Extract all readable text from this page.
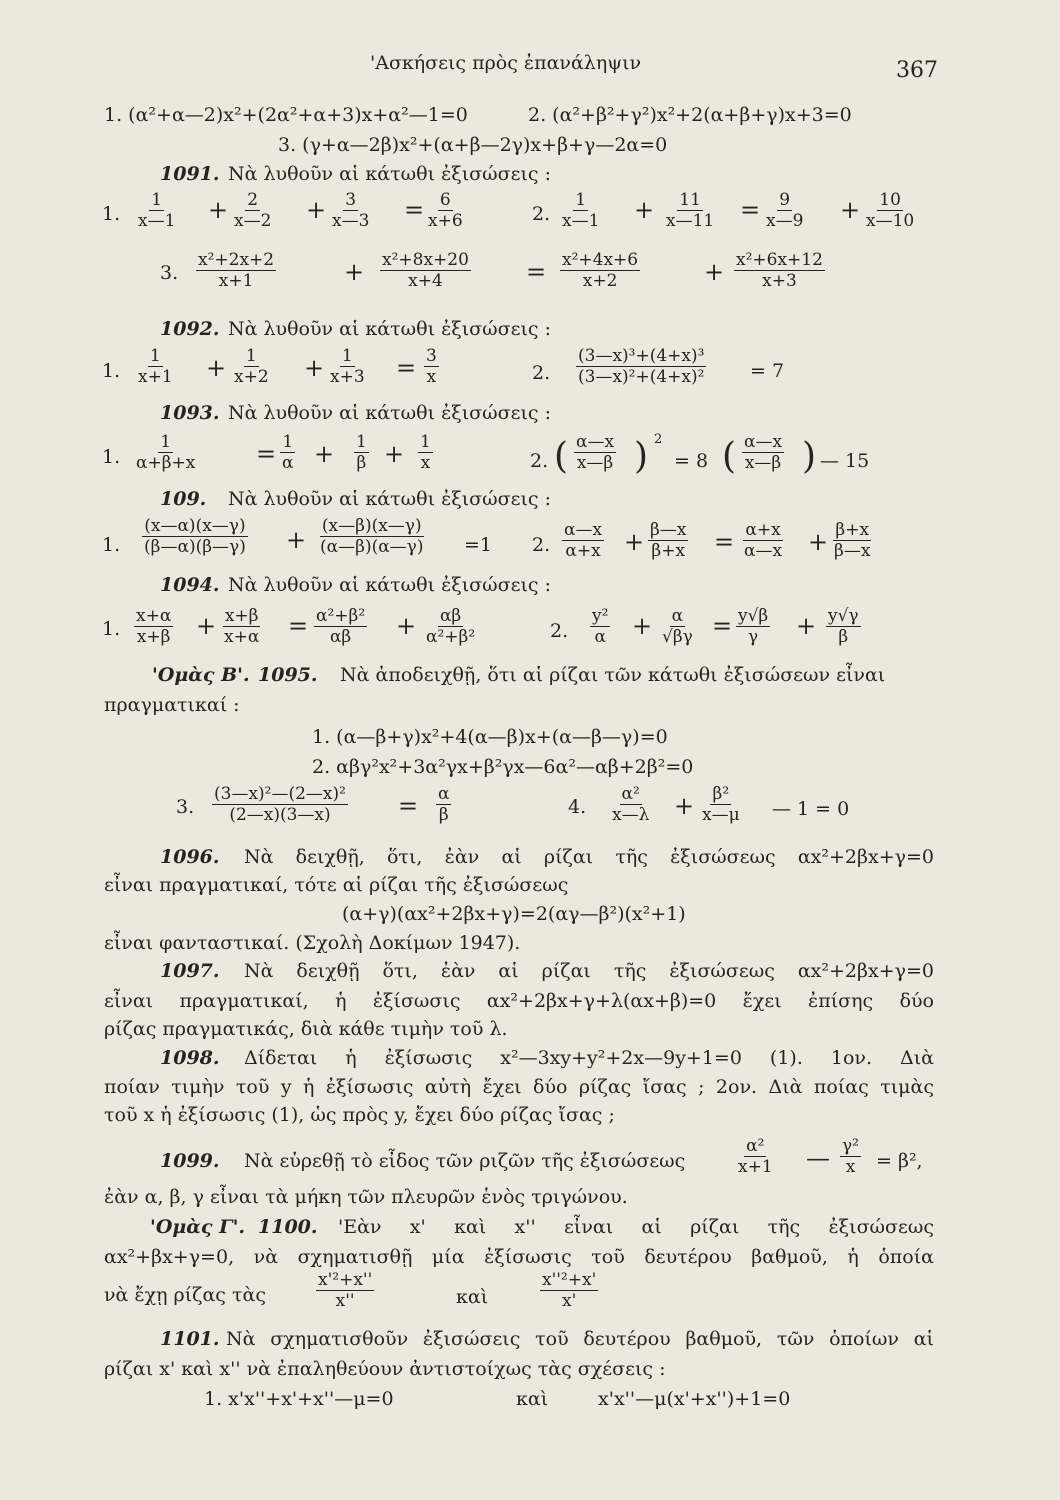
'Ασκήσεις πρὸς ἐπανάληψιν	367
1. (α²+α—2)x²+(2α²+α+3)x+α²—1=0	2. (α²+β²+γ²)x²+2(α+β+γ)x+3=0
3. (γ+α—2β)x²+(α+β—2γ)x+β+γ—2α=0
1091. Νὰ λυθοῦν αἱ κάτωθι ἐξισώσεις :
1.
1
x—1 + 2
x—2 + 3
x—3 = 6
x+6	2.
1
x—1 + 11
x—11 = 9
x—9 + 10
x—10
3.
x²+2x+2
x+1	+ x²+8x+20
x+4	= x²+4x+6
x+2	+ x²+6x+12
x+3
1092. Νὰ λυθοῦν αἱ κάτωθι ἐξισώσεις :
1.
1
x+1 + 1
x+2 + 1
x+3 = 3
x	2.
(3—x)³+(4+x)³
(3—x)²+(4+x)² = 7
1093. Νὰ λυθοῦν αἱ κάτωθι ἐξισώσεις :
1.
1
α+β+x	= 1
α + 1
β + 1
x	2. ( α—x
x—β ) 2
= 8 ( α—x
x—β ) — 15
109. Νὰ λυθοῦν αἱ κάτωθι ἐξισώσεις :
1.
(x—α)(x—γ)
(β—α)(β—γ) + (x—β)(x—γ)
(α—β)(α—γ) =1 2.
α—x
α+x + β—x
β+x = α+x
α—x + β+x
β—x
1094. Νὰ λυθοῦν αἱ κάτωθι ἐξισώσεις :
1.
x+α
x+β + x+β
x+α = α²+β²
αβ + αβ
α²+β²	2.
y²
α + α
√βγ = y√β
γ + y√γ
β
'Ομὰς Β'. 1095. Νὰ ἀποδειχθῇ, ὅτι αἱ ρίζαι τῶν κάτωθι ἐξισώσεων εἶναι
πραγματικαί :
1. (α—β+γ)x²+4(α—β)x+(α—β—γ)=0
2. αβγ²x²+3α²γx+β²γx—6α²—αβ+2β²=0
3.
(3—x)²—(2—x)²
(2—x)(3—x)	= α
β	4.
α²
x—λ + β²
x—μ — 1 = 0
1096. Νὰ δειχθῇ, ὅτι, ἐὰν αἱ ρίζαι τῆς ἐξισώσεως αx²+2βx+γ=0
εἶναι πραγματικαί, τότε αἱ ρίζαι τῆς ἐξισώσεως
(α+γ)(αx²+2βx+γ)=2(αγ—β²)(x²+1)
εἶναι φανταστικαί. (Σχολὴ Δοκίμων 1947).
1097. Νὰ δειχθῇ ὅτι, ἐὰν αἱ ρίζαι τῆς ἐξισώσεως αx²+2βx+γ=0
εἶναι πραγματικαί, ἡ ἐξίσωσις αx²+2βx+γ+λ(αx+β)=0 ἔχει ἐπίσης δύο
ρίζας πραγματικάς, διὰ κάθε τιμὴν τοῦ λ.
1098. Δίδεται ἡ ἐξίσωσις x²—3xy+y²+2x—9y+1=0 (1). 1ον. Διὰ
ποίαν τιμὴν τοῦ y ἡ ἐξίσωσις αὐτὴ ἔχει δύο ρίζας ἴσας ; 2ον. Διὰ ποίας τιμὰς
τοῦ x ἡ ἐξίσωσις (1), ὡς πρὸς y, ἔχει δύο ρίζας ἴσας ;
1099. Νὰ εὑρεθῇ τὸ εἶδος τῶν ριζῶν τῆς ἐξισώσεως
α²
x+1 — γ²
x = β²,
ἐὰν α, β, γ εἶναι τὰ μήκη τῶν πλευρῶν ἑνὸς τριγώνου.
'Ομὰς Γ'. 1100. 'Εὰν x' καὶ x'' εἶναι αἱ ρίζαι τῆς ἐξισώσεως
αx²+βx+γ=0, νὰ σχηματισθῇ μία ἐξίσωσις τοῦ δευτέρου βαθμοῦ, ἡ ὁποία
νὰ ἔχῃ ρίζας τὰς
x'²+x''
x''	καὶ
x''²+x'
x'
1101. Νὰ σχηματισθοῦν ἐξισώσεις τοῦ δευτέρου βαθμοῦ, τῶν ὁποίων αἱ
ρίζαι x' καὶ x'' νὰ ἐπαληθεύουν ἀντιστοίχως τὰς σχέσεις :
1. x'x''+x'+x''—μ=0	καὶ	x'x''—μ(x'+x'')+1=0
